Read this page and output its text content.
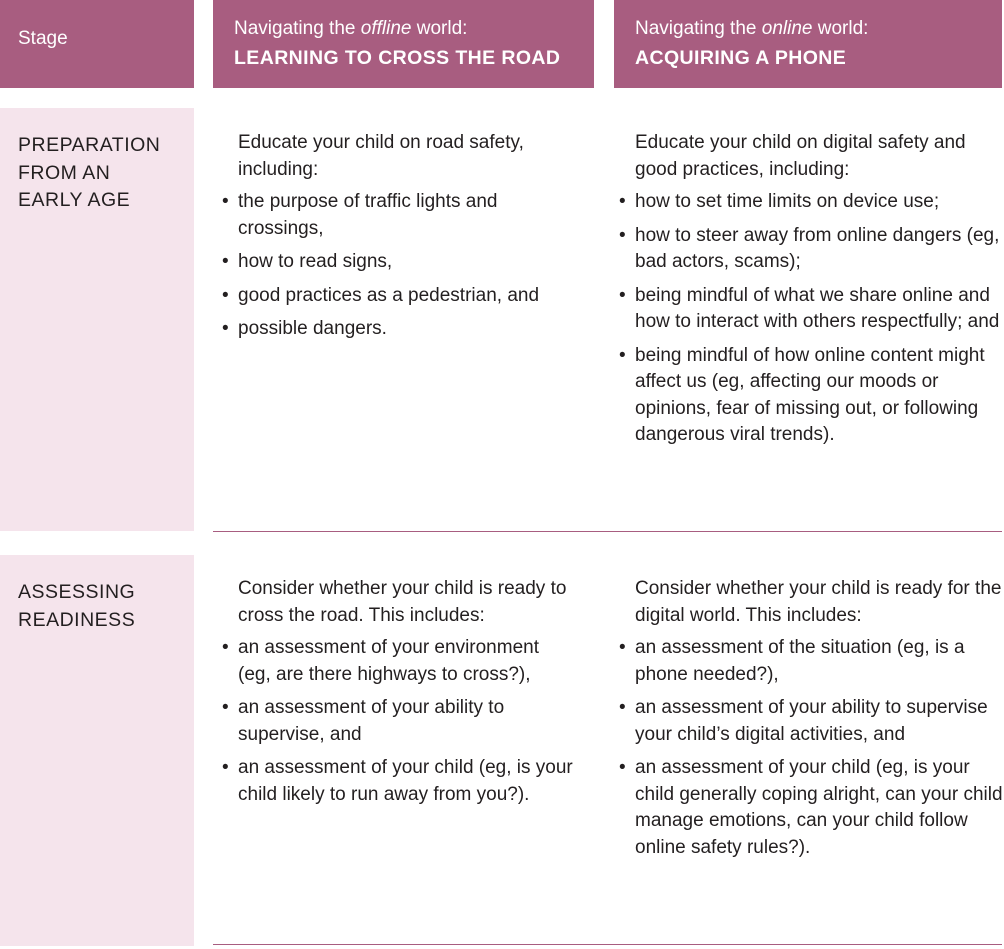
Stage	Navigating the offline world:
LEARNING TO CROSS THE ROAD
Navigating the online world:
ACQUIRING A PHONE
PREPARATION
FROM AN
EARLY AGE

Educate your child on road safety, including:

• the purpose of traffic lights and crossings,
• how to read signs,
• good practices as a pedestrian, and
• possible dangers.

Educate your child on digital safety and good practices, including:

• how to set time limits on device use;
• how to steer away from online dangers (eg, bad actors, scams);
• being mindful of what we share online and how to interact with others respectfully; and
• being mindful of how online content might affect us (eg, affecting our moods or opinions, fear of missing out, or following dangerous viral trends).
ASSESSING
READINESS

Consider whether your child is ready to cross the road. This includes:

• an assessment of your environment (eg, are there highways to cross?),
• an assessment of your ability to supervise, and
• an assessment of your child (eg, is your child likely to run away from you?).

Consider whether your child is ready for the digital world. This includes:

• an assessment of the situation (eg, is a phone needed?),
• an assessment of your ability to supervise your child’s digital activities, and
• an assessment of your child (eg, is your child generally coping alright, can your child manage emotions, can your child follow online safety rules?).
